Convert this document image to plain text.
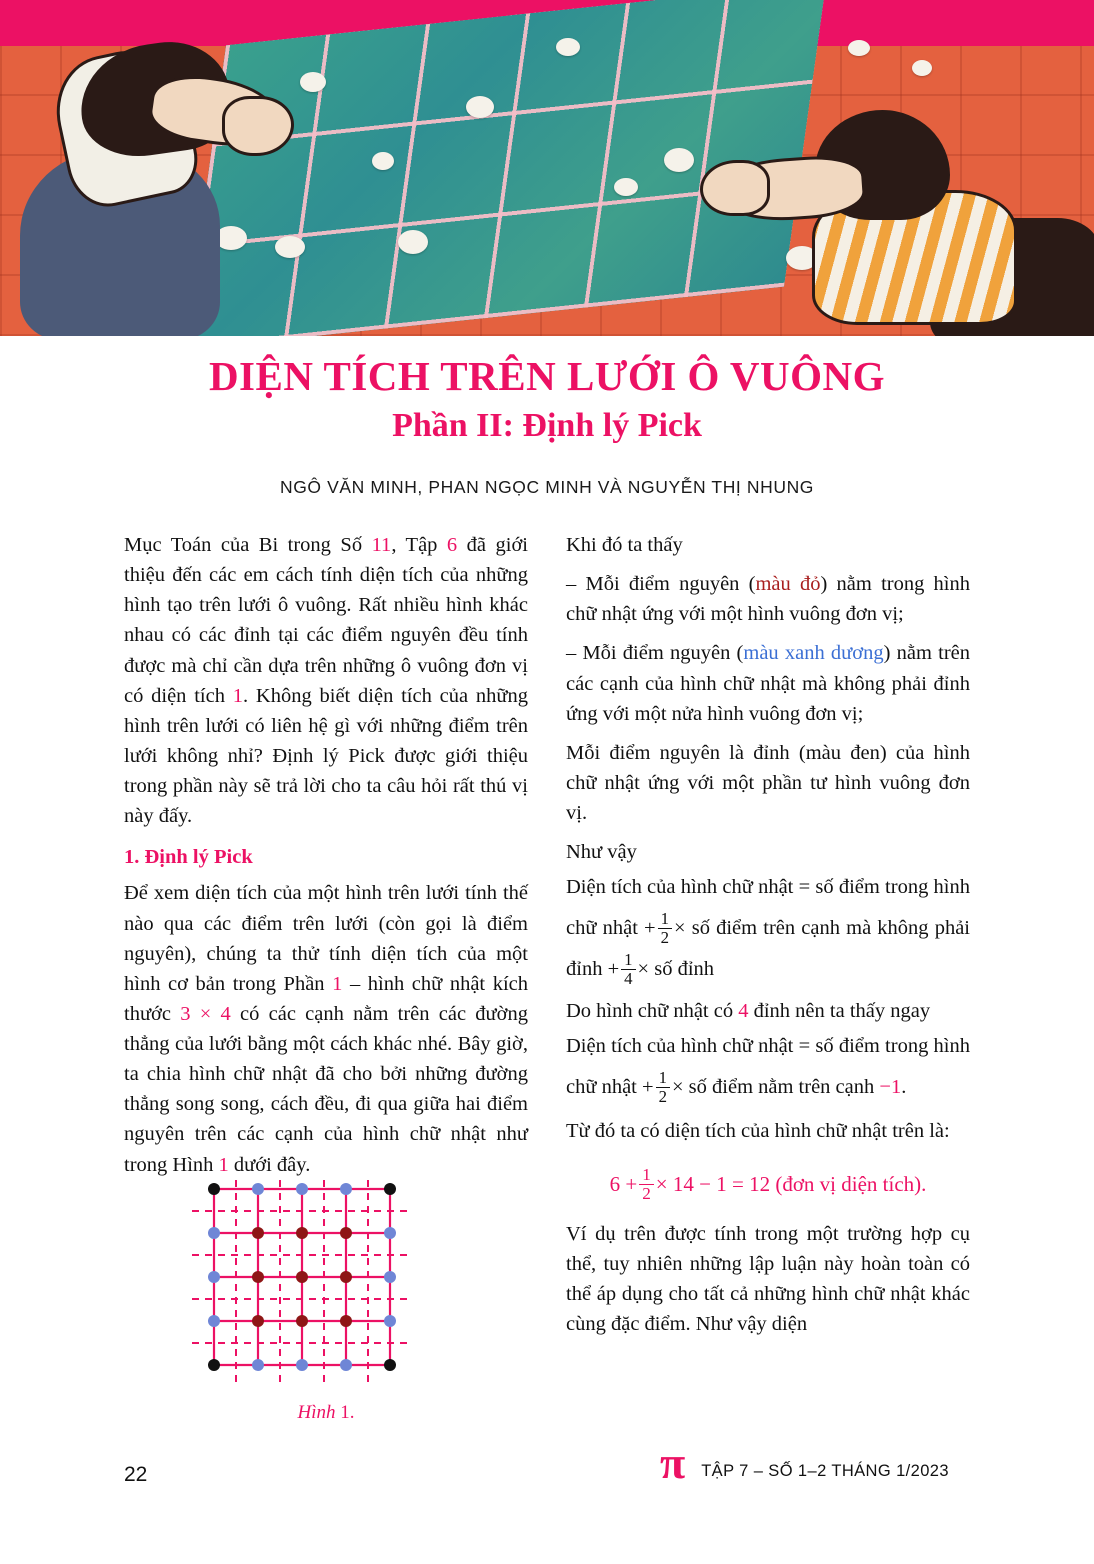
DIỆN TÍCH TRÊN LƯỚI Ô VUÔNG
Phần II: Định lý Pick
NGÔ VĂN MINH, PHAN NGỌC MINH VÀ NGUYỄN THỊ NHUNG

Mục Toán của Bi trong Số 11, Tập 6 đã giới thiệu đến các em cách tính diện tích của những hình tạo trên lưới ô vuông. Rất nhiều hình khác nhau có các đỉnh tại các điểm nguyên đều tính được mà chỉ cần dựa trên những ô vuông đơn vị có diện tích 1. Không biết diện tích của những hình trên lưới có liên hệ gì với những điểm trên lưới không nhỉ? Định lý Pick được giới thiệu trong phần này sẽ trả lời cho ta câu hỏi rất thú vị này đấy.

1. Định lý Pick

Để xem diện tích của một hình trên lưới tính thế nào qua các điểm trên lưới (còn gọi là điểm nguyên), chúng ta thử tính diện tích của một hình cơ bản trong Phần 1 – hình chữ nhật kích thước 3 × 4 có các cạnh nằm trên các đường thẳng của lưới bằng một cách khác nhé. Bây giờ, ta chia hình chữ nhật đã cho bởi những đường thẳng song song, cách đều, đi qua giữa hai điểm nguyên trên các cạnh của hình chữ nhật như trong Hình 1 dưới đây.

Hình 1.

Khi đó ta thấy

– Mỗi điểm nguyên (màu đỏ) nằm trong hình chữ nhật ứng với một hình vuông đơn vị;

– Mỗi điểm nguyên (màu xanh dương) nằm trên các cạnh của hình chữ nhật mà không phải đỉnh ứng với một nửa hình vuông đơn vị;

Mỗi điểm nguyên là đỉnh (màu đen) của hình chữ nhật ứng với một phần tư hình vuông đơn vị.

Như vậy

Diện tích của hình chữ nhật = số điểm trong hình chữ nhật + $\frac{1}{2}$ × số điểm trên cạnh mà không phải đỉnh + $\frac{1}{4}$ × số đỉnh

Do hình chữ nhật có 4 đỉnh nên ta thấy ngay

Diện tích của hình chữ nhật = số điểm trong hình chữ nhật + $\frac{1}{2}$ × số điểm nằm trên cạnh −1.

Từ đó ta có diện tích của hình chữ nhật trên là:

$6 + \frac{1}{2} \times 14 - 1 = 12$ (đơn vị diện tích).

Ví dụ trên được tính trong một trường hợp cụ thể, tuy nhiên những lập luận này hoàn toàn có thể áp dụng cho tất cả những hình chữ nhật khác cùng đặc điểm. Như vậy diện

22	π TẬP 7 – SỐ 1–2 THÁNG 1/2023
